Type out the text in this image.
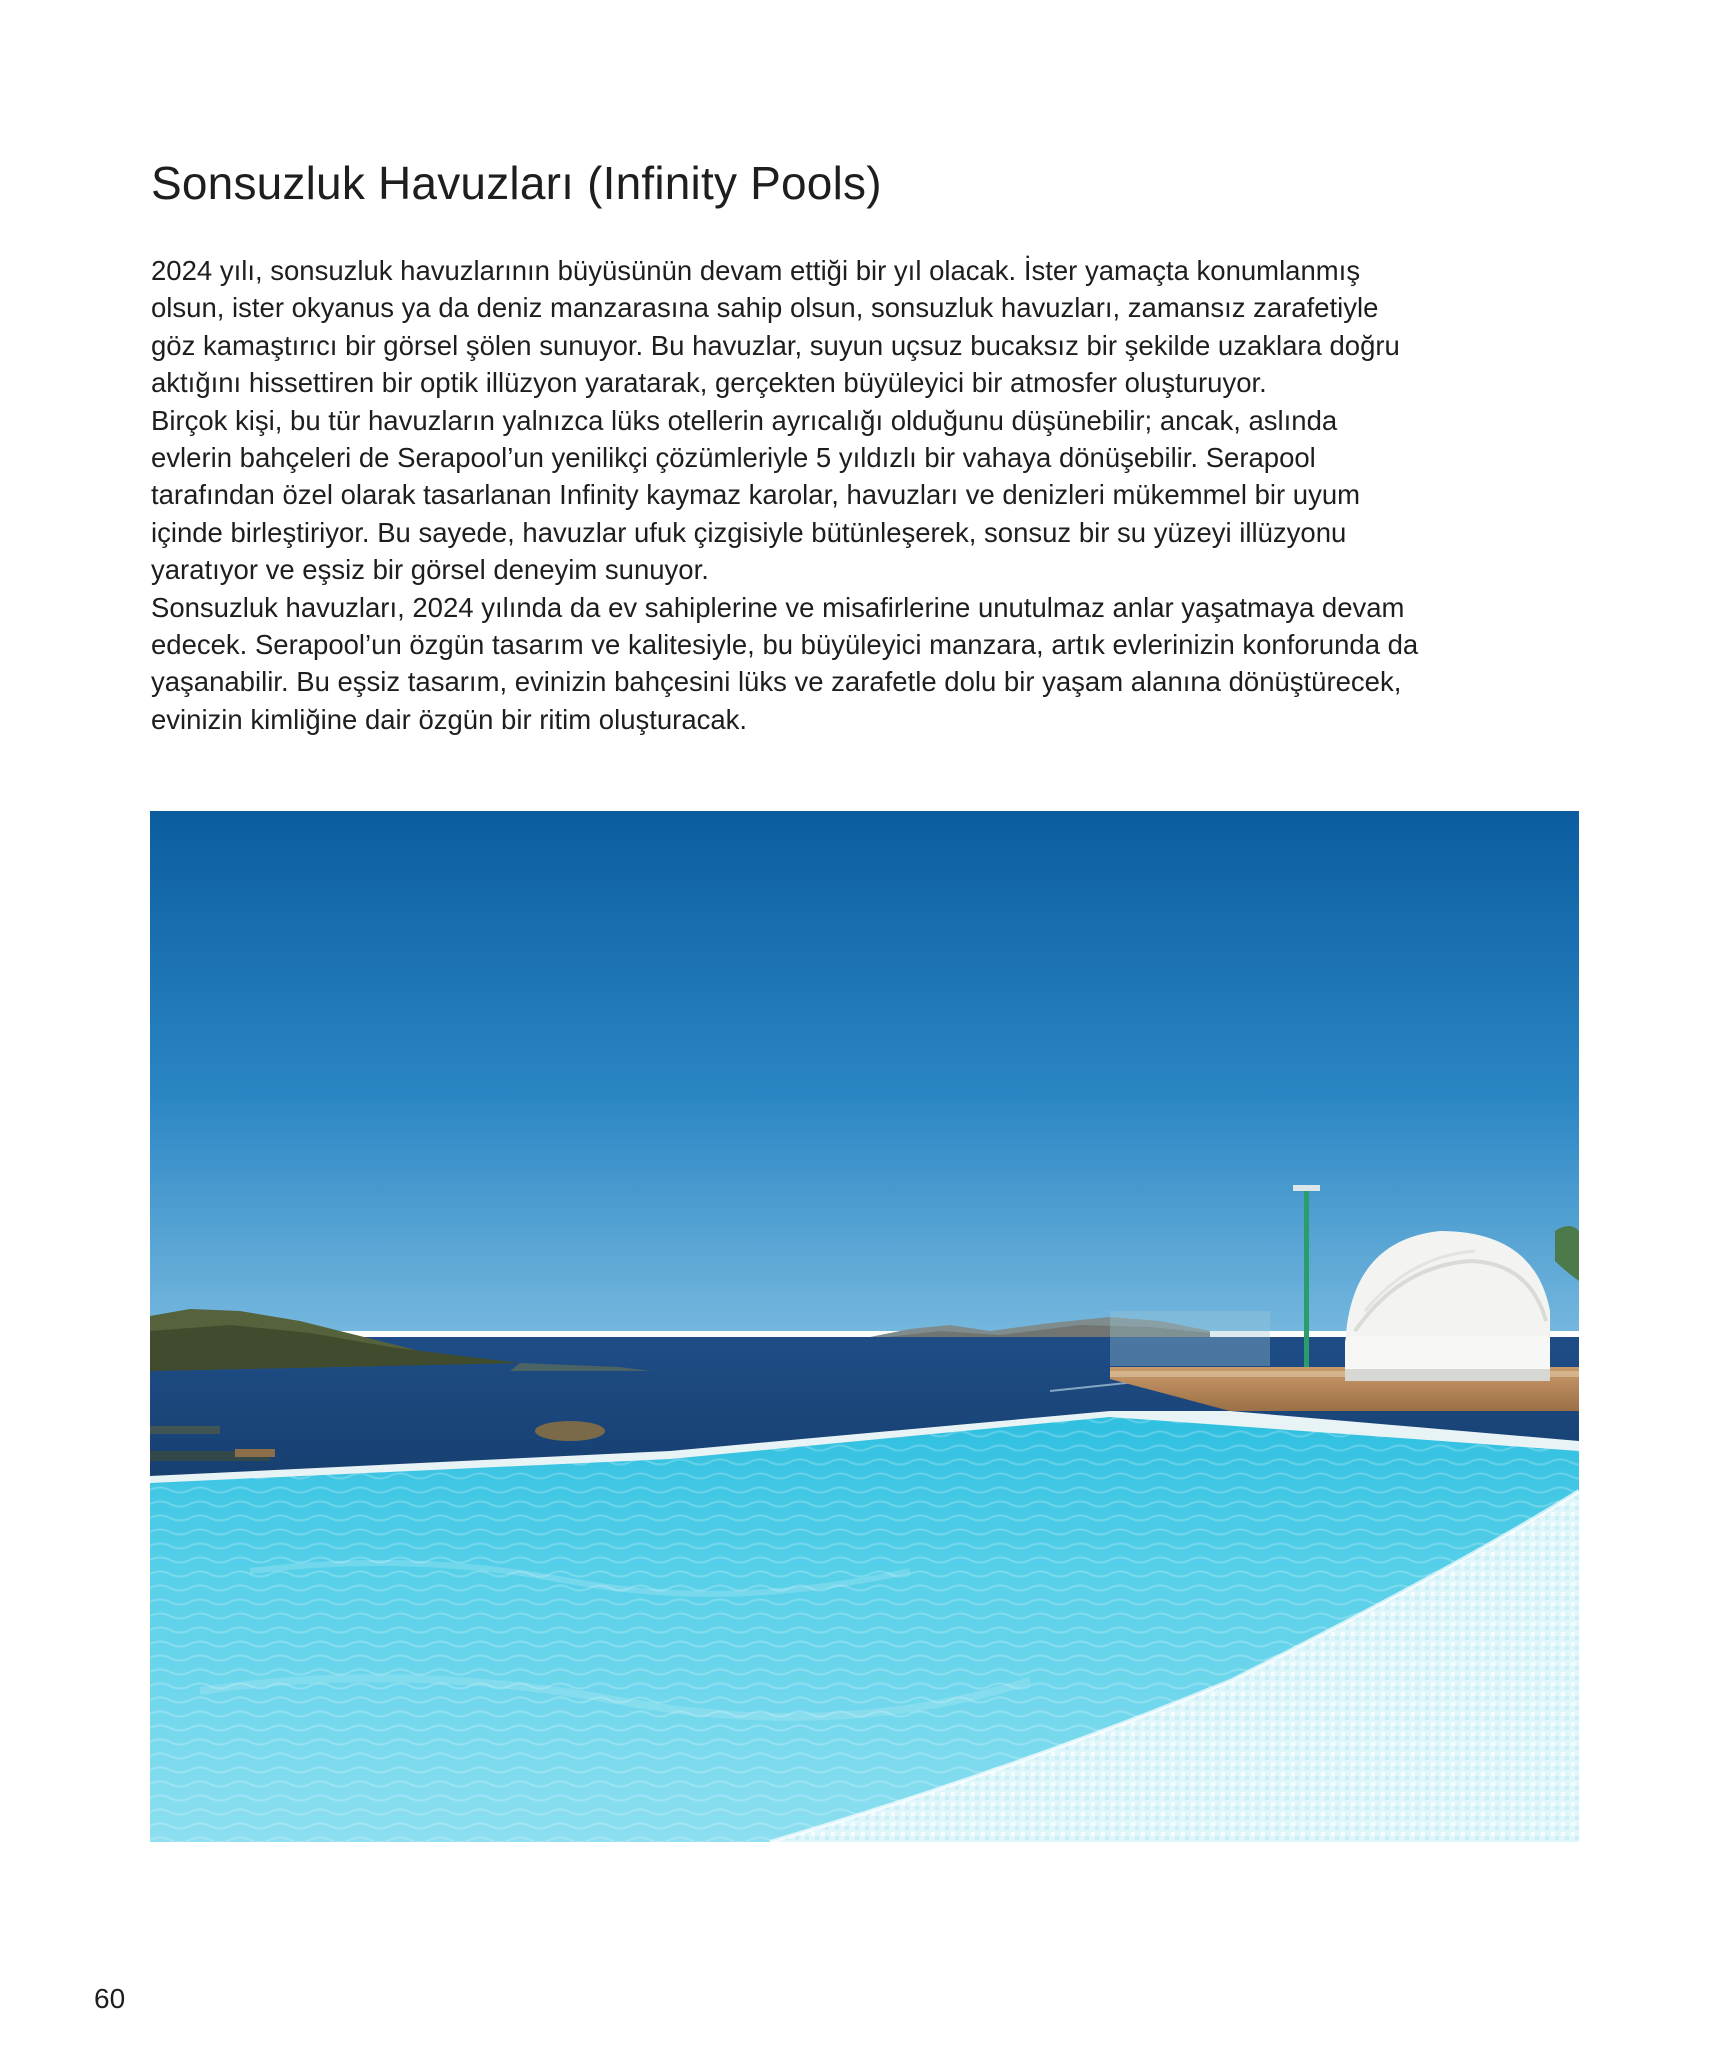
Sonsuzluk Havuzları (Infinity Pools)
2024 yılı, sonsuzluk havuzlarının büyüsünün devam ettiği bir yıl olacak. İster yamaçta konumlanmış
olsun, ister okyanus ya da deniz manzarasına sahip olsun, sonsuzluk havuzları, zamansız zarafetiyle
göz kamaştırıcı bir görsel şölen sunuyor. Bu havuzlar, suyun uçsuz bucaksız bir şekilde uzaklara doğru
aktığını hissettiren bir optik illüzyon yaratarak, gerçekten büyüleyici bir atmosfer oluşturuyor.
Birçok kişi, bu tür havuzların yalnızca lüks otellerin ayrıcalığı olduğunu düşünebilir; ancak, aslında
evlerin bahçeleri de Serapool’un yenilikçi çözümleriyle 5 yıldızlı bir vahaya dönüşebilir. Serapool
tarafından özel olarak tasarlanan Infinity kaymaz karolar, havuzları ve denizleri mükemmel bir uyum
içinde birleştiriyor. Bu sayede, havuzlar ufuk çizgisiyle bütünleşerek, sonsuz bir su yüzeyi illüzyonu
yaratıyor ve eşsiz bir görsel deneyim sunuyor.
Sonsuzluk havuzları, 2024 yılında da ev sahiplerine ve misafirlerine unutulmaz anlar yaşatmaya devam
edecek. Serapool’un özgün tasarım ve kalitesiyle, bu büyüleyici manzara, artık evlerinizin konforunda da
yaşanabilir. Bu eşsiz tasarım, evinizin bahçesini lüks ve zarafetle dolu bir yaşam alanına dönüştürecek,
evinizin kimliğine dair özgün bir ritim oluşturacak.
60
